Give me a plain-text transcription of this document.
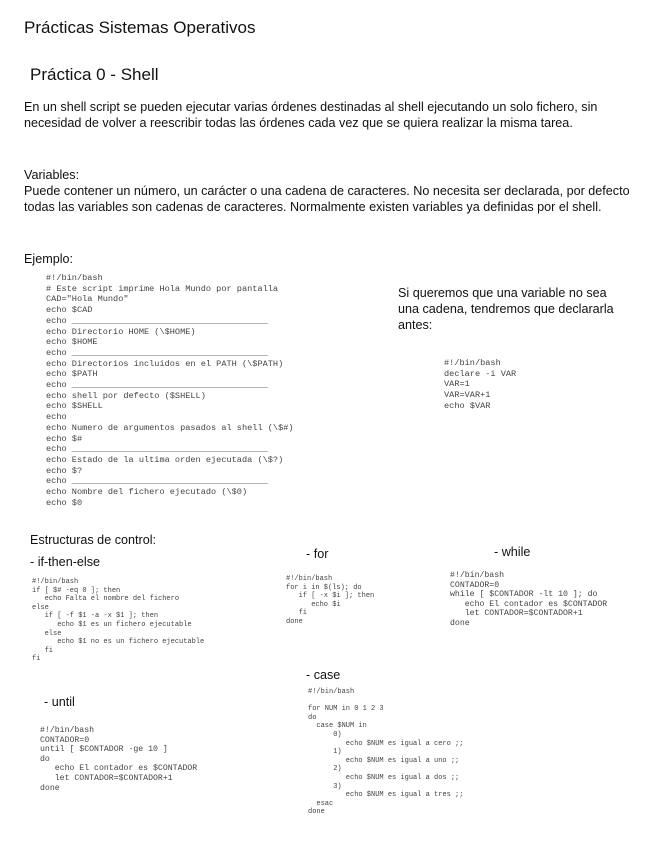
Prácticas Sistemas Operativos
Práctica 0 - Shell

En un shell script se pueden ejecutar varias órdenes destinadas al shell ejecutando un solo fichero, sin necesidad de volver a reescribir todas las órdenes cada vez que se quiera realizar la misma tarea.

Variables:

Puede contener un número, un carácter o una cadena de caracteres. No necesita ser declarada, por defecto todas las variables son cadenas de caracteres. Normalmente existen variables ya definidas por el shell.

Ejemplo:
#!/bin/bash
# Este script imprime Hola Mundo por pantalla
CAD="Hola Mundo"
echo $CAD
echo ______________________________________
echo Directorio HOME (\$HOME)
echo $HOME
echo ______________________________________
echo Directorios incluidos en el PATH (\$PATH)
echo $PATH
echo ______________________________________
echo shell por defecto ($SHELL)
echo $SHELL
echo
echo Numero de argumentos pasados al shell (\$#)
echo $#
echo ______________________________________
echo Estado de la ultima orden ejecutada (\$?)
echo $?
echo ______________________________________
echo Nombre del fichero ejecutado (\$0)
echo $0

Si queremos que una variable no sea una cadena, tendremos que declararla antes:

#!/bin/bash
declare -i VAR
VAR=1
VAR=VAR+1
echo $VAR
Estructuras de control:
- if-then-else
#!/bin/bash
if [ $# -eq 0 ]; then
echo Falta el nombre del fichero
else
if [ -f $1 -a -x $1 ]; then
echo $1 es un fichero ejecutable
else
echo $1 no es un fichero ejecutable
fi
fi
- for
#!/bin/bash
for i in $(ls); do
if [ -x $i ]; then
echo $i
fi
done
- while
#!/bin/bash
CONTADOR=0
while [ $CONTADOR -lt 10 ]; do
echo El contador es $CONTADOR
let CONTADOR=$CONTADOR+1
done
- until
#!/bin/bash
CONTADOR=0
until [ $CONTADOR -ge 10 ]
do
echo El contador es $CONTADOR
let CONTADOR=$CONTADOR+1
done
- case
#!/bin/bash

for NUM in 0 1 2 3
do
case $NUM in
0)
echo $NUM es igual a cero ;;
1)
echo $NUM es igual a uno ;;
2)
echo $NUM es igual a dos ;;
3)
echo $NUM es igual a tres ;;
esac
done
